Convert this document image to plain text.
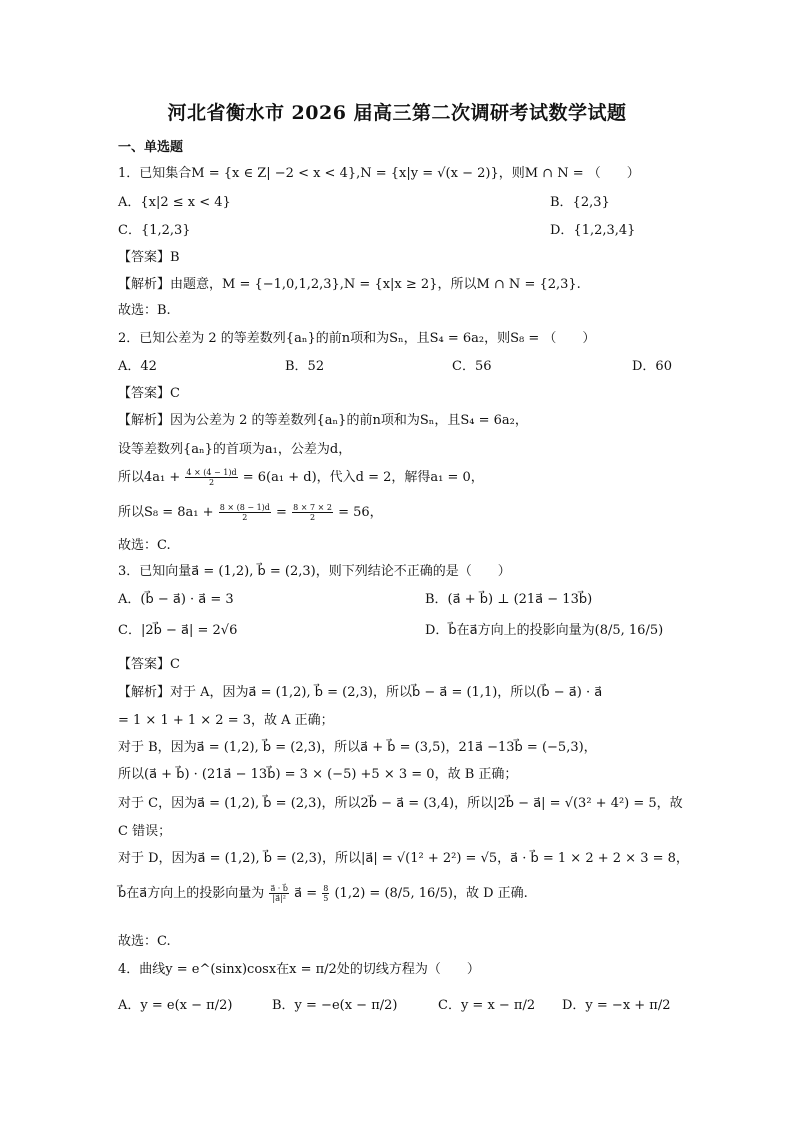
河北省衡水市 2026 届高三第二次调研考试数学试题
一、单选题
1．已知集合M = {x ∈ Z| −2 < x < 4},N = {x|y = √(x − 2)}，则M ∩ N = （　　）
A．{x|2 ≤ x < 4}	B．{2,3}
C．{1,2,3}	D．{1,2,3,4}
【答案】B
【解析】由题意，M = {−1,0,1,2,3},N = {x|x ≥ 2}，所以M ∩ N = {2,3}.
故选：B.
2．已知公差为 2 的等差数列{aₙ}的前n项和为Sₙ，且S₄ = 6a₂，则S₈ = （　　）
A．42	B．52	C．56	D．60
【答案】C
【解析】因为公差为 2 的等差数列{aₙ}的前n项和为Sₙ，且S₄ = 6a₂，
设等差数列{aₙ}的首项为a₁，公差为d，
所以$4a_1 + \frac{4 \times (4 - 1)d}{2} = 6(a_1 + d)$，代入d = 2，解得a₁ = 0，
所以$S_8 = 8a_1 + \frac{8 \times (8 - 1)d}{2} = \frac{8 \times 7 \times 2}{2} = 56$，
故选：C.
3．已知向量a⃗ = (1,2), b⃗ = (2,3)，则下列结论不正确的是（　　）
A．(b⃗ − a⃗) · a⃗ = 3	B．(a⃗ + b⃗) ⊥ (21a⃗ − 13b⃗)
C．|2b⃗ − a⃗| = 2√6	D．b⃗在a⃗方向上的投影向量为(8/5, 16/5)
【答案】C
【解析】对于 A，因为a⃗ = (1,2), b⃗ = (2,3)，所以b⃗ − a⃗ = (1,1)，所以(b⃗ − a⃗) · a⃗
= 1 × 1 + 1 × 2 = 3，故 A 正确；
对于 B，因为a⃗ = (1,2), b⃗ = (2,3)，所以a⃗ + b⃗ = (3,5)，21a⃗ −13b⃗ = (−5,3)，
所以(a⃗ + b⃗) · (21a⃗ − 13b⃗) = 3 × (−5) +5 × 3 = 0，故 B 正确；
对于 C，因为a⃗ = (1,2), b⃗ = (2,3)，所以2b⃗ − a⃗ = (3,4)，所以|2b⃗ − a⃗| = √(3² + 4²) = 5，故
C 错误；
对于 D，因为a⃗ = (1,2), b⃗ = (2,3)，所以|a⃗| = √(1² + 2²) = √5，a⃗ · b⃗ = 1 × 2 + 2 × 3 = 8，
b⃗在a⃗方向上的投影向量为 $\frac{a⃗ \cdot b⃗}{\text{|a⃗|²}}$ a⃗ = $\frac{8}{5} (1,2) = (8/5$, 16/5)，故 D 正确.
故选：C.
4．曲线y = e^(sinx)cosx在x = π/2处的切线方程为（　　）
A．y = e(x − π/2)	B．y = −e(x − π/2)	C．y = x − π/2 D．y = −x + π/2
